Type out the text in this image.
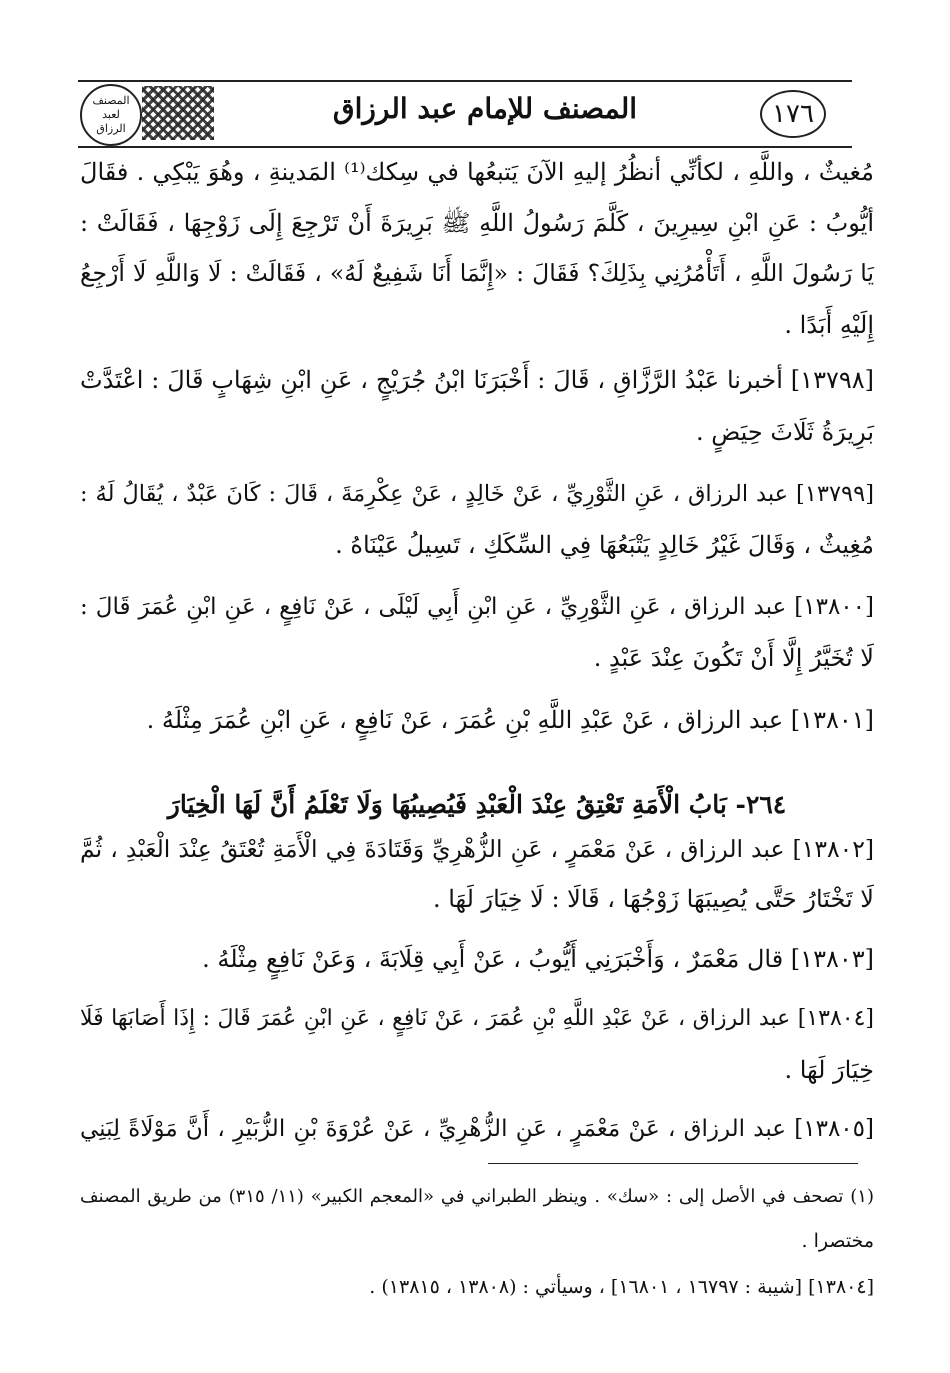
١٧٦
المصنف للإمام عبد الرزاق
المصنف لعبد الرزاق
مُغيثٌ ، واللَّهِ ، لكأنِّي أنظُرُ إليهِ الآنَ يَتبعُها في سِكك⁽¹⁾ المَدينةِ ، وهُوَ يَبْكِي . فقَالَ
أيُّوبُ : عَنِ ابْنِ سِيرِينَ ، كَلَّمَ رَسُولُ اللَّهِ ﷺ بَرِيرَةَ أَنْ تَرْجِعَ إِلَى زَوْجِهَا ، فَقَالَتْ :
يَا رَسُولَ اللَّهِ ، أَتَأْمُرُنِي بِذَلِكَ؟ فَقَالَ : «إِنَّمَا أَنَا شَفِيعٌ لَهُ» ، فَقَالَتْ : لَا وَاللَّهِ لَا أَرْجِعُ
إِلَيْهِ أَبَدًا .
[١٣٧٩٨] أخبرنا عَبْدُ الرَّزَّاقِ ، قَالَ : أَخْبَرَنَا ابْنُ جُرَيْجٍ ، عَنِ ابْنِ شِهَابٍ قَالَ : اعْتَدَّتْ
بَرِيرَةُ ثَلَاثَ حِيَضٍ .
[١٣٧٩٩] عبد الرزاق ، عَنِ الثَّوْرِيِّ ، عَنْ خَالِدٍ ، عَنْ عِكْرِمَةَ ، قَالَ : كَانَ عَبْدٌ ، يُقَالُ لَهُ :
مُغِيثٌ ، وَقَالَ غَيْرُ خَالِدٍ يَتْبَعُهَا فِي السِّكَكِ ، تَسِيلُ عَيْنَاهُ .
[١٣٨٠٠] عبد الرزاق ، عَنِ الثَّوْرِيِّ ، عَنِ ابْنِ أَبِي لَيْلَى ، عَنْ نَافِعٍ ، عَنِ ابْنِ عُمَرَ قَالَ :
لَا تُخَيَّرُ إِلَّا أَنْ تَكُونَ عِنْدَ عَبْدٍ .
[١٣٨٠١] عبد الرزاق ، عَنْ عَبْدِ اللَّهِ بْنِ عُمَرَ ، عَنْ نَافِعٍ ، عَنِ ابْنِ عُمَرَ مِثْلَهُ .
٢٦٤- بَابُ الْأَمَةِ تَعْتِقُ عِنْدَ الْعَبْدِ فَيُصِيبُهَا وَلَا تَعْلَمُ أَنَّ لَهَا الْخِيَارَ
[١٣٨٠٢] عبد الرزاق ، عَنْ مَعْمَرٍ ، عَنِ الزُّهْرِيِّ وَقَتَادَةَ فِي الْأَمَةِ تُعْتَقُ عِنْدَ الْعَبْدِ ، ثُمَّ
لَا تَخْتَارُ حَتَّى يُصِيبَهَا زَوْجُهَا ، قَالَا : لَا خِيَارَ لَهَا .
[١٣٨٠٣] قال مَعْمَرٌ ، وَأَخْبَرَنِي أَيُّوبُ ، عَنْ أَبِي قِلَابَةَ ، وَعَنْ نَافِعٍ مِثْلَهُ .
[١٣٨٠٤] عبد الرزاق ، عَنْ عَبْدِ اللَّهِ بْنِ عُمَرَ ، عَنْ نَافِعٍ ، عَنِ ابْنِ عُمَرَ قَالَ : إِذَا أَصَابَهَا فَلَا
خِيَارَ لَهَا .
[١٣٨٠٥] عبد الرزاق ، عَنْ مَعْمَرٍ ، عَنِ الزُّهْرِيِّ ، عَنْ عُرْوَةَ بْنِ الزُّبَيْرِ ، أَنَّ مَوْلَاةً لِبَنِي
(١) تصحف في الأصل إلى : «سك» . وينظر الطبراني في «المعجم الكبير» (١١/ ٣١٥) من طريق المصنف
مختصرا .
[١٣٨٠٤] [شيبة : ١٦٧٩٧ ، ١٦٨٠١] ، وسيأتي : (١٣٨٠٨ ، ١٣٨١٥) .
